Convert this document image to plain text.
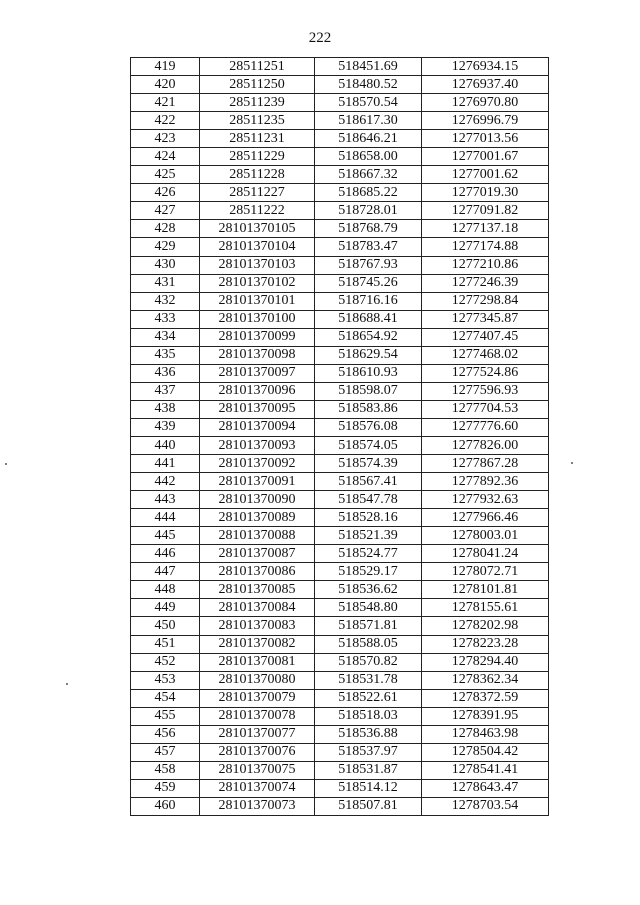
222
419	28511251	518451.69	1276934.15
420	28511250	518480.52	1276937.40
421	28511239	518570.54	1276970.80
422	28511235	518617.30	1276996.79
423	28511231	518646.21	1277013.56
424	28511229	518658.00	1277001.67
425	28511228	518667.32	1277001.62
426	28511227	518685.22	1277019.30
427	28511222	518728.01	1277091.82
428	28101370105	518768.79	1277137.18
429	28101370104	518783.47	1277174.88
430	28101370103	518767.93	1277210.86
431	28101370102	518745.26	1277246.39
432	28101370101	518716.16	1277298.84
433	28101370100	518688.41	1277345.87
434	28101370099	518654.92	1277407.45
435	28101370098	518629.54	1277468.02
436	28101370097	518610.93	1277524.86
437	28101370096	518598.07	1277596.93
438	28101370095	518583.86	1277704.53
439	28101370094	518576.08	1277776.60
440	28101370093	518574.05	1277826.00
441	28101370092	518574.39	1277867.28
442	28101370091	518567.41	1277892.36
443	28101370090	518547.78	1277932.63
444	28101370089	518528.16	1277966.46
445	28101370088	518521.39	1278003.01
446	28101370087	518524.77	1278041.24
447	28101370086	518529.17	1278072.71
448	28101370085	518536.62	1278101.81
449	28101370084	518548.80	1278155.61
450	28101370083	518571.81	1278202.98
451	28101370082	518588.05	1278223.28
452	28101370081	518570.82	1278294.40
453	28101370080	518531.78	1278362.34
454	28101370079	518522.61	1278372.59
455	28101370078	518518.03	1278391.95
456	28101370077	518536.88	1278463.98
457	28101370076	518537.97	1278504.42
458	28101370075	518531.87	1278541.41
459	28101370074	518514.12	1278643.47
460	28101370073	518507.81	1278703.54
